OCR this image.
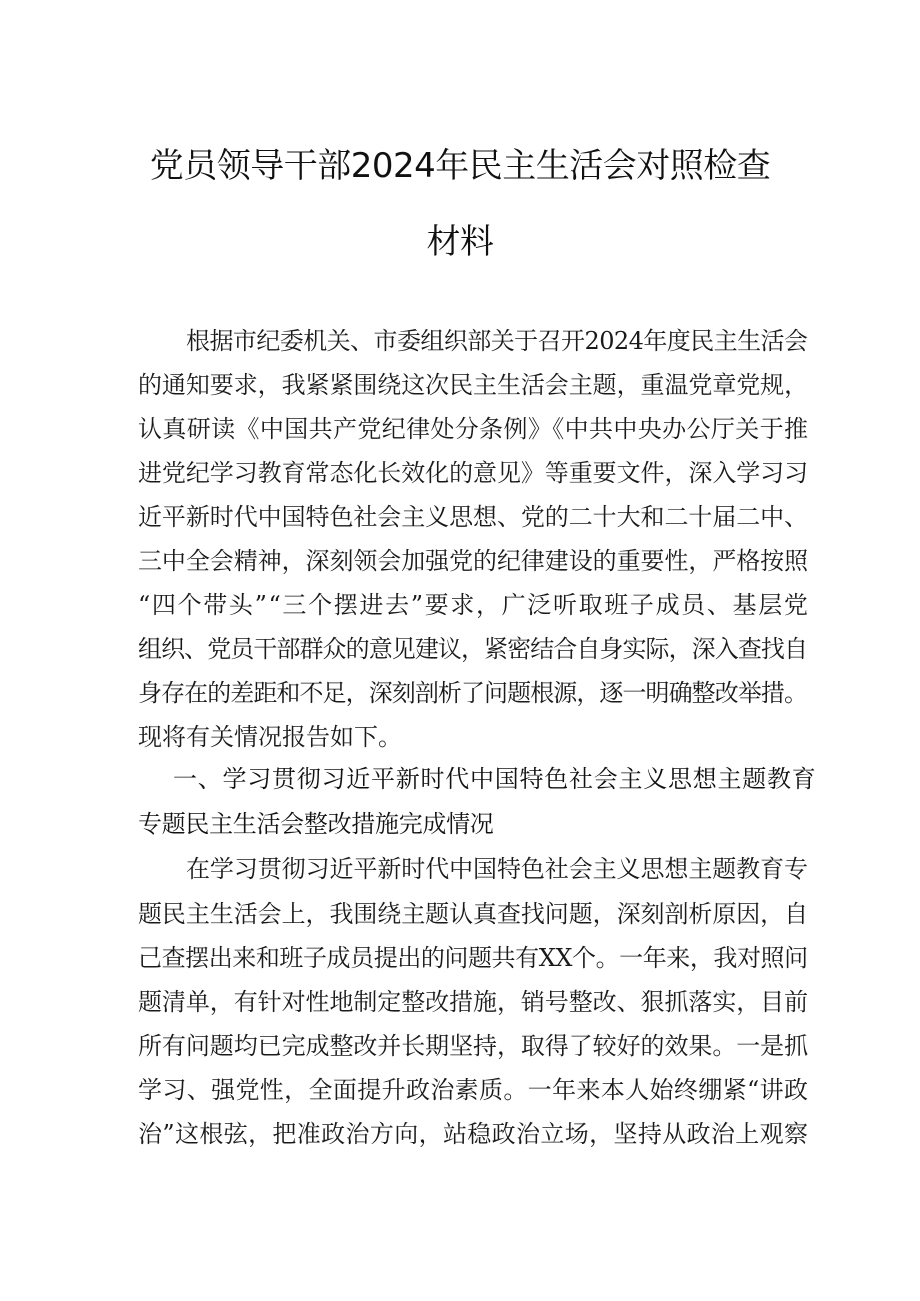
党员领导干部2024年民主生活会对照检查
材料
根据市纪委机关、市委组织部关于召开2024年度民主生活会
的通知要求，我紧紧围绕这次民主生活会主题，重温党章党规，
认真研读《中国共产党纪律处分条例》《中共中央办公厅关于推
进党纪学习教育常态化长效化的意见》等重要文件，深入学习习
近平新时代中国特色社会主义思想、党的二十大和二十届二中、
三中全会精神，深刻领会加强党的纪律建设的重要性，严格按照
“四个带头”“三个摆进去”要求，广泛听取班子成员、基层党
组织、党员干部群众的意见建议，紧密结合自身实际，深入查找自
身存在的差距和不足，深刻剖析了问题根源，逐一明确整改举措。
现将有关情况报告如下。
一、学习贯彻习近平新时代中国特色社会主义思想主题教育
专题民主生活会整改措施完成情况
在学习贯彻习近平新时代中国特色社会主义思想主题教育专
题民主生活会上，我围绕主题认真查找问题，深刻剖析原因，自
己查摆出来和班子成员提出的问题共有XX个。一年来，我对照问
题清单，有针对性地制定整改措施，销号整改、狠抓落实，目前
所有问题均已完成整改并长期坚持，取得了较好的效果。一是抓
学习、强党性，全面提升政治素质。一年来本人始终绷紧“讲政
治”这根弦，把准政治方向，站稳政治立场，坚持从政治上观察
